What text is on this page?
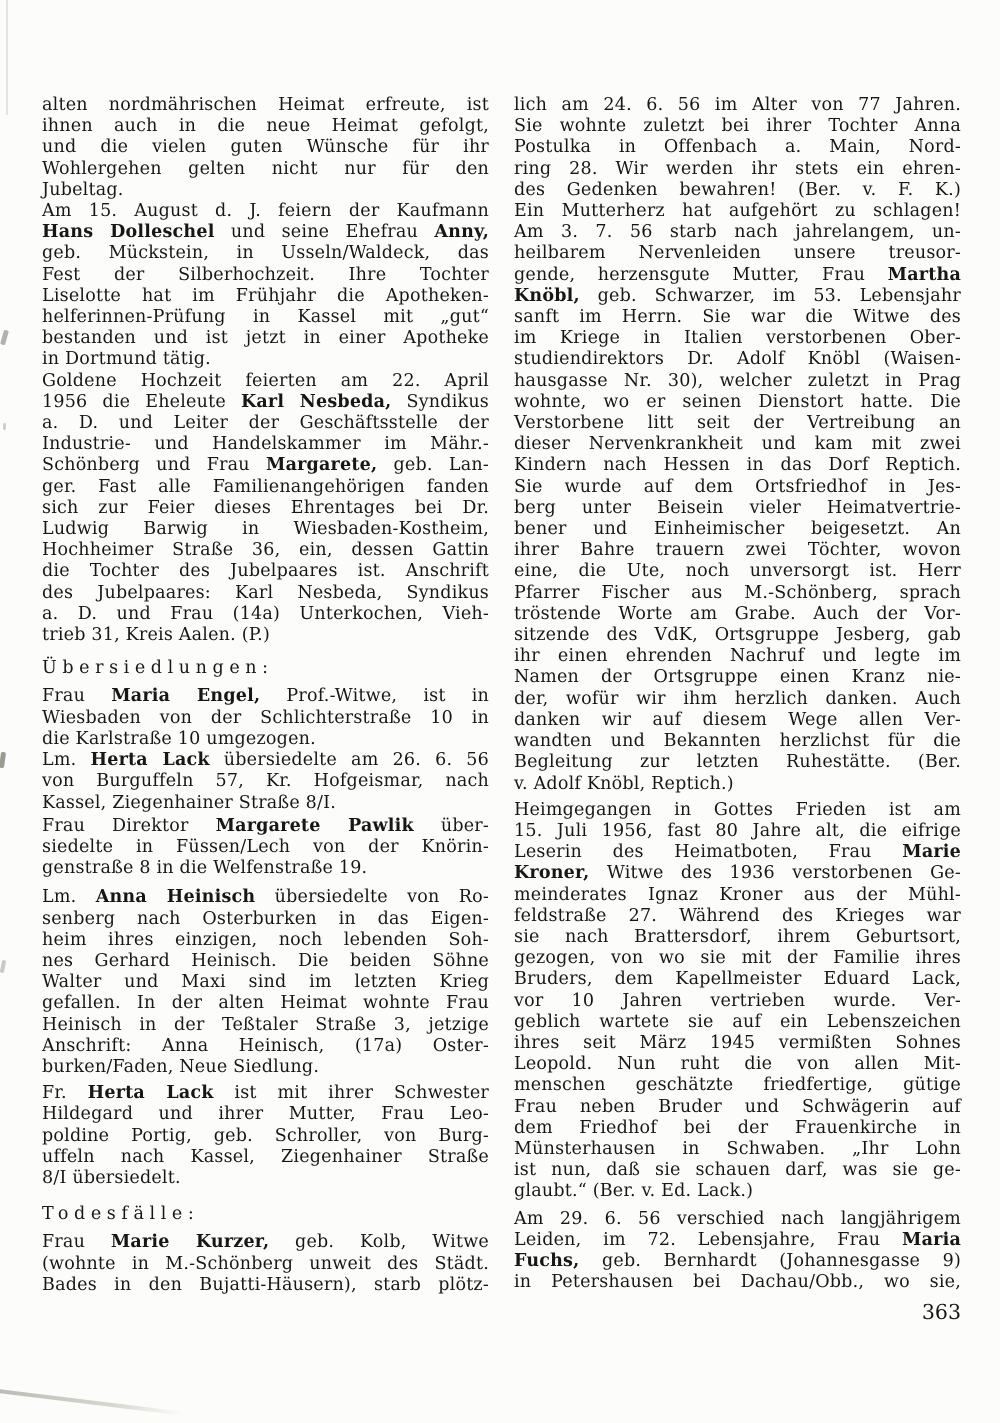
alten nordmährischen Heimat erfreute, ist
ihnen auch in die neue Heimat gefolgt,
und die vielen guten Wünsche für ihr
Wohlergehen gelten nicht nur für den
Jubeltag.

Am 15. August d. J. feiern der Kaufmann
Hans Dolleschel und seine Ehefrau Anny,
geb. Mückstein, in Usseln/Waldeck, das
Fest der Silberhochzeit. Ihre Tochter
Liselotte hat im Frühjahr die Apotheken-
helferinnen-Prüfung in Kassel mit „gut“
bestanden und ist jetzt in einer Apotheke
in Dortmund tätig.

Goldene Hochzeit feierten am 22. April
1956 die Eheleute Karl Nesbeda, Syndikus
a. D. und Leiter der Geschäftsstelle der
Industrie- und Handelskammer im Mähr.-
Schönberg und Frau Margarete, geb. Lan-
ger. Fast alle Familienangehörigen fanden
sich zur Feier dieses Ehrentages bei Dr.
Ludwig Barwig in Wiesbaden-Kostheim,
Hochheimer Straße 36, ein, dessen Gattin
die Tochter des Jubelpaares ist. Anschrift
des Jubelpaares: Karl Nesbeda, Syndikus
a. D. und Frau (14a) Unterkochen, Vieh-
trieb 31, Kreis Aalen. (P.)

Übersiedlungen:

Frau Maria Engel, Prof.-Witwe, ist in
Wiesbaden von der Schlichterstraße 10 in
die Karlstraße 10 umgezogen.

Lm. Herta Lack übersiedelte am 26. 6. 56
von Burguffeln 57, Kr. Hofgeismar, nach
Kassel, Ziegenhainer Straße 8/I.

Frau Direktor Margarete Pawlik über-
siedelte in Füssen/Lech von der Knörin-
genstraße 8 in die Welfenstraße 19.

Lm. Anna Heinisch übersiedelte von Ro-
senberg nach Osterburken in das Eigen-
heim ihres einzigen, noch lebenden Soh-
nes Gerhard Heinisch. Die beiden Söhne
Walter und Maxi sind im letzten Krieg
gefallen. In der alten Heimat wohnte Frau
Heinisch in der Teßtaler Straße 3, jetzige
Anschrift: Anna Heinisch, (17a) Oster-
burken/Faden, Neue Siedlung.

Fr. Herta Lack ist mit ihrer Schwester
Hildegard und ihrer Mutter, Frau Leo-
poldine Portig, geb. Schroller, von Burg-
uffeln nach Kassel, Ziegenhainer Straße
8/I übersiedelt.

Todesfälle:

Frau Marie Kurzer, geb. Kolb, Witwe
(wohnte in M.-Schönberg unweit des Städt.
Bades in den Bujatti-Häusern), starb plötz-

lich am 24. 6. 56 im Alter von 77 Jahren.
Sie wohnte zuletzt bei ihrer Tochter Anna
Postulka in Offenbach a. Main, Nord-
ring 28. Wir werden ihr stets ein ehren-
des Gedenken bewahren! (Ber. v. F. K.)

Ein Mutterherz hat aufgehört zu schlagen!
Am 3. 7. 56 starb nach jahrelangem, un-
heilbarem Nervenleiden unsere treusor-
gende, herzensgute Mutter, Frau Martha
Knöbl, geb. Schwarzer, im 53. Lebensjahr
sanft im Herrn. Sie war die Witwe des
im Kriege in Italien verstorbenen Ober-
studiendirektors Dr. Adolf Knöbl (Waisen-
hausgasse Nr. 30), welcher zuletzt in Prag
wohnte, wo er seinen Dienstort hatte. Die
Verstorbene litt seit der Vertreibung an
dieser Nervenkrankheit und kam mit zwei
Kindern nach Hessen in das Dorf Reptich.
Sie wurde auf dem Ortsfriedhof in Jes-
berg unter Beisein vieler Heimatvertrie-
bener und Einheimischer beigesetzt. An
ihrer Bahre trauern zwei Töchter, wovon
eine, die Ute, noch unversorgt ist. Herr
Pfarrer Fischer aus M.-Schönberg, sprach
tröstende Worte am Grabe. Auch der Vor-
sitzende des VdK, Ortsgruppe Jesberg, gab
ihr einen ehrenden Nachruf und legte im
Namen der Ortsgruppe einen Kranz nie-
der, wofür wir ihm herzlich danken. Auch
danken wir auf diesem Wege allen Ver-
wandten und Bekannten herzlichst für die
Begleitung zur letzten Ruhestätte. (Ber.
v. Adolf Knöbl, Reptich.)

Heimgegangen in Gottes Frieden ist am
15. Juli 1956, fast 80 Jahre alt, die eifrige
Leserin des Heimatboten, Frau Marie
Kroner, Witwe des 1936 verstorbenen Ge-
meinderates Ignaz Kroner aus der Mühl-
feldstraße 27. Während des Krieges war
sie nach Brattersdorf, ihrem Geburtsort,
gezogen, von wo sie mit der Familie ihres
Bruders, dem Kapellmeister Eduard Lack,
vor 10 Jahren vertrieben wurde. Ver-
geblich wartete sie auf ein Lebenszeichen
ihres seit März 1945 vermißten Sohnes
Leopold. Nun ruht die von allen Mit-
menschen geschätzte friedfertige, gütige
Frau neben Bruder und Schwägerin auf
dem Friedhof bei der Frauenkirche in
Münsterhausen in Schwaben. „Ihr Lohn
ist nun, daß sie schauen darf, was sie ge-
glaubt.“ (Ber. v. Ed. Lack.)

Am 29. 6. 56 verschied nach langjährigem
Leiden, im 72. Lebensjahre, Frau Maria
Fuchs, geb. Bernhardt (Johannesgasse 9)
in Petershausen bei Dachau/Obb., wo sie,

363
